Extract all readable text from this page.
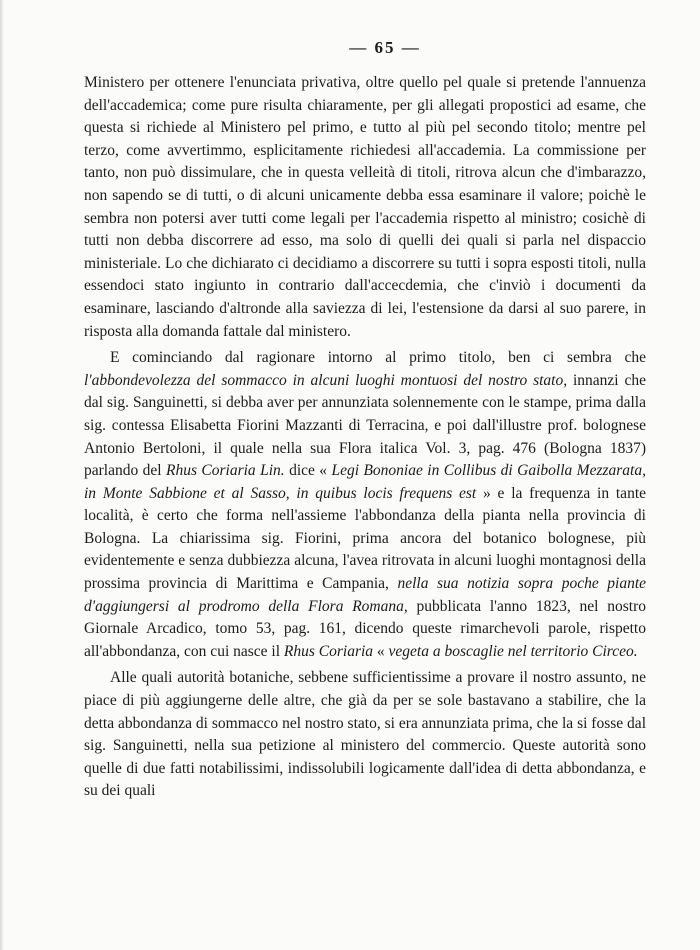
— 65 —

Ministero per ottenere l'enunciata privativa, oltre quello pel quale si pretende l'annuenza dell'accademica; come pure risulta chiaramente, per gli allegati propostici ad esame, che questa si richiede al Ministero pel primo, e tutto al più pel secondo titolo; mentre pel terzo, come avvertimmo, esplicitamente richiedesi all'accademia. La commissione per tanto, non può dissimulare, che in questa velleità di titoli, ritrova alcun che d'imbarazzo, non sapendo se di tutti, o di alcuni unicamente debba essa esaminare il valore; poichè le sembra non potersi aver tutti come legali per l'accademia rispetto al ministro; cosichè di tutti non debba discorrere ad esso, ma solo di quelli dei quali si parla nel dispaccio ministeriale. Lo che dichiarato ci decidiamo a discorrere su tutti i sopra esposti titoli, nulla essendoci stato ingiunto in contrario dall'accecdemia, che c'inviò i documenti da esaminare, lasciando d'altronde alla saviezza di lei, l'estensione da darsi al suo parere, in risposta alla domanda fattale dal ministero.

E cominciando dal ragionare intorno al primo titolo, ben ci sembra che l'abbondevolezza del sommacco in alcuni luoghi montuosi del nostro stato, innanzi che dal sig. Sanguinetti, si debba aver per annunziata solennemente con le stampe, prima dalla sig. contessa Elisabetta Fiorini Mazzanti di Terracina, e poi dall'illustre prof. bolognese Antonio Bertoloni, il quale nella sua Flora italica Vol. 3, pag. 476 (Bologna 1837) parlando del Rhus Coriaria Lin. dice « Legi Bononiae in Collibus di Gaibolla Mezzarata, in Monte Sabbione et al Sasso, in quibus locis frequens est » e la frequenza in tante località, è certo che forma nell'assieme l'abbondanza della pianta nella provincia di Bologna. La chiarissima sig. Fiorini, prima ancora del botanico bolognese, più evidentemente e senza dubbiezza alcuna, l'avea ritrovata in alcuni luoghi montagnosi della prossima provincia di Marittima e Campania, nella sua notizia sopra poche piante d'aggiungersi al prodromo della Flora Romana, pubblicata l'anno 1823, nel nostro Giornale Arcadico, tomo 53, pag. 161, dicendo queste rimarchevoli parole, rispetto all'abbondanza, con cui nasce il Rhus Coriaria « vegeta a boscaglie nel territorio Circeo.

Alle quali autorità botaniche, sebbene sufficientissime a provare il nostro assunto, ne piace di più aggiungerne delle altre, che già da per se sole bastavano a stabilire, che la detta abbondanza di sommacco nel nostro stato, si era annunziata prima, che la si fosse dal sig. Sanguinetti, nella sua petizione al ministero del commercio. Queste autorità sono quelle di due fatti notabilissimi, indissolubili logicamente dall'idea di detta abbondanza, e su dei quali
